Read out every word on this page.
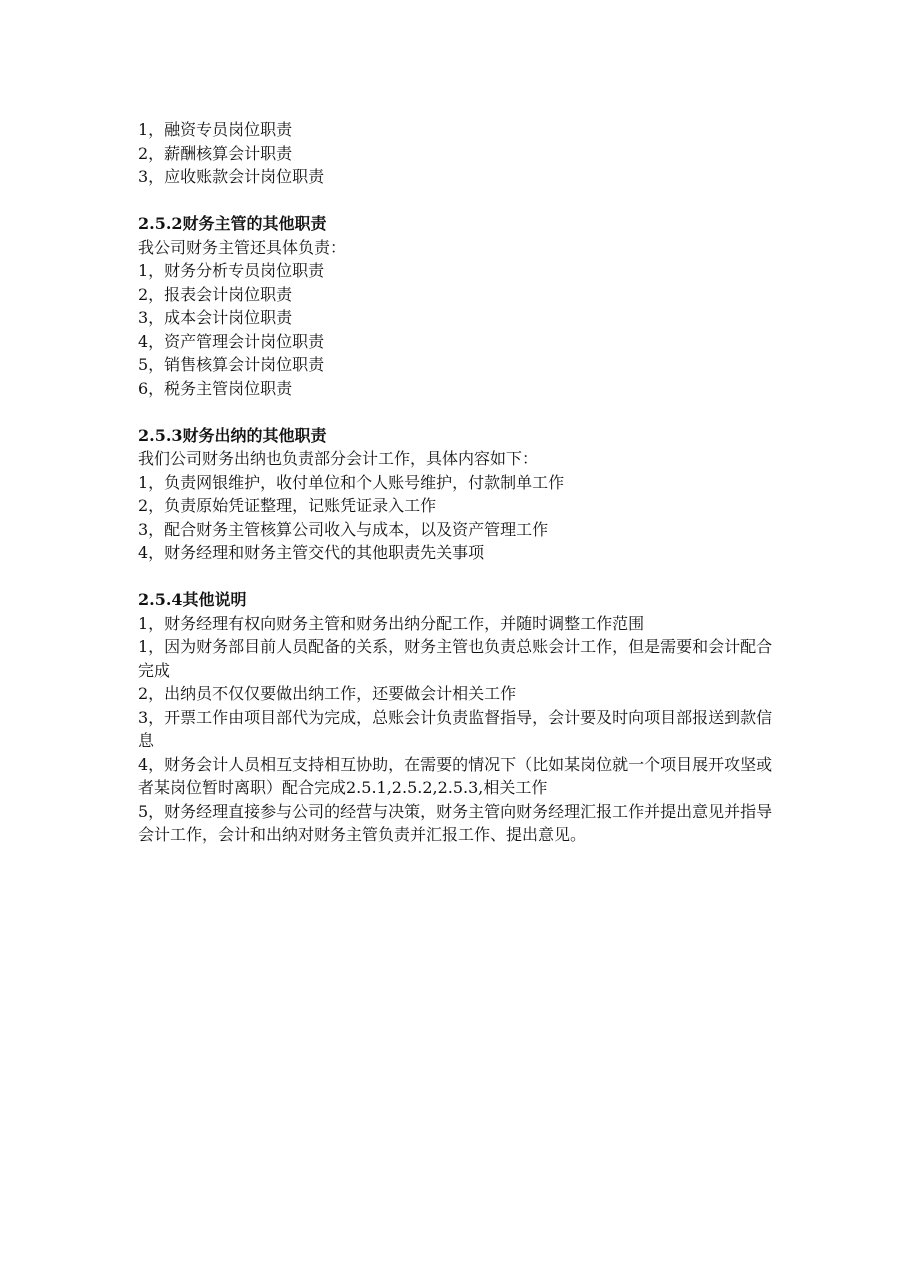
1，融资专员岗位职责

2，薪酬核算会计职责

3，应收账款会计岗位职责

2.5.2财务主管的其他职责

我公司财务主管还具体负责：

1，财务分析专员岗位职责

2，报表会计岗位职责

3，成本会计岗位职责

4，资产管理会计岗位职责

5，销售核算会计岗位职责

6，税务主管岗位职责

2.5.3财务出纳的其他职责

我们公司财务出纳也负责部分会计工作，具体内容如下：

1，负责网银维护，收付单位和个人账号维护，付款制单工作

2，负责原始凭证整理，记账凭证录入工作

3，配合财务主管核算公司收入与成本，以及资产管理工作

4，财务经理和财务主管交代的其他职责先关事项

2.5.4其他说明

1，财务经理有权向财务主管和财务出纳分配工作，并随时调整工作范围

1，因为财务部目前人员配备的关系，财务主管也负责总账会计工作，但是需要和会计配合完成

2，出纳员不仅仅要做出纳工作，还要做会计相关工作

3，开票工作由项目部代为完成，总账会计负责监督指导，会计要及时向项目部报送到款信息

4，财务会计人员相互支持相互协助，在需要的情况下（比如某岗位就一个项目展开攻坚或者某岗位暂时离职）配合完成2.5.1,2.5.2,2.5.3,相关工作

5，财务经理直接参与公司的经营与决策，财务主管向财务经理汇报工作并提出意见并指导会计工作，会计和出纳对财务主管负责并汇报工作、提出意见。
